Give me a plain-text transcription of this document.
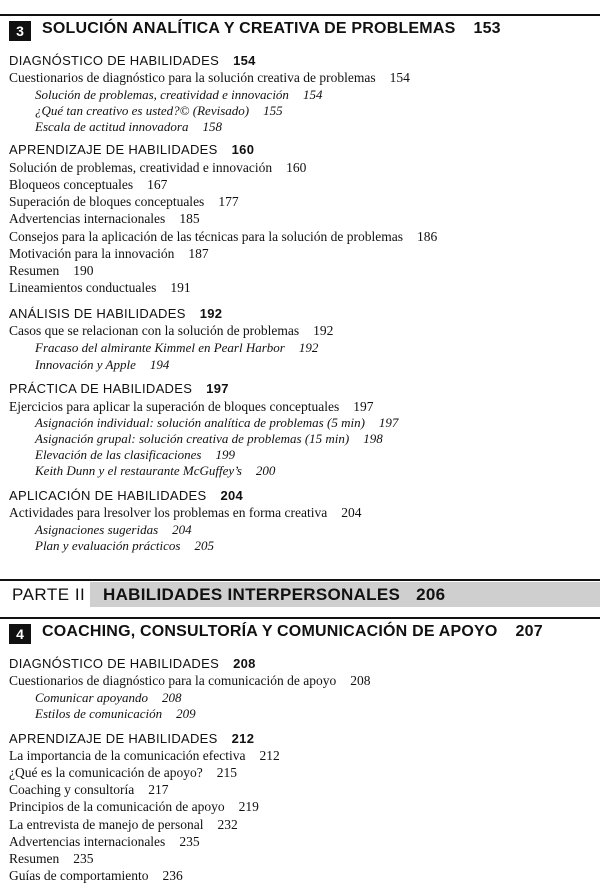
3	SOLUCIÓN ANALÍTICA Y CREATIVA DE PROBLEMAS 153
DIAGNÓSTICO DE HABILIDADES 154
Cuestionarios de diagnóstico para la solución creativa de problemas 154
Solución de problemas, creatividad e innovación 154
¿Qué tan creativo es usted?© (Revisado) 155
Escala de actitud innovadora 158
APRENDIZAJE DE HABILIDADES 160
Solución de problemas, creatividad e innovación 160
Bloqueos conceptuales 167
Superación de bloques conceptuales 177
Advertencias internacionales 185
Consejos para la aplicación de las técnicas para la solución de problemas 186
Motivación para la innovación 187
Resumen 190
Lineamientos conductuales 191
ANÁLISIS DE HABILIDADES 192
Casos que se relacionan con la solución de problemas 192
Fracaso del almirante Kimmel en Pearl Harbor 192
Innovación y Apple 194
PRÁCTICA DE HABILIDADES 197
Ejercicios para aplicar la superación de bloques conceptuales 197
Asignación individual: solución analítica de problemas (5 min) 197
Asignación grupal: solución creativa de problemas (15 min) 198
Elevación de las clasificaciones 199
Keith Dunn y el restaurante McGuffey’s 200
APLICACIÓN DE HABILIDADES 204
Actividades para lresolver los problemas en forma creativa 204
Asignaciones sugeridas 204
Plan y evaluación prácticos 205
PARTE II HABILIDADES INTERPERSONALES 206
4	COACHING, CONSULTORÍA Y COMUNICACIÓN DE APOYO 207
DIAGNÓSTICO DE HABILIDADES 208
Cuestionarios de diagnóstico para la comunicación de apoyo 208
Comunicar apoyando 208
Estilos de comunicación 209
APRENDIZAJE DE HABILIDADES 212
La importancia de la comunicación efectiva 212
¿Qué es la comunicación de apoyo? 215
Coaching y consultoría 217
Principios de la comunicación de apoyo 219
La entrevista de manejo de personal 232
Advertencias internacionales 235
Resumen 235
Guías de comportamiento 236
